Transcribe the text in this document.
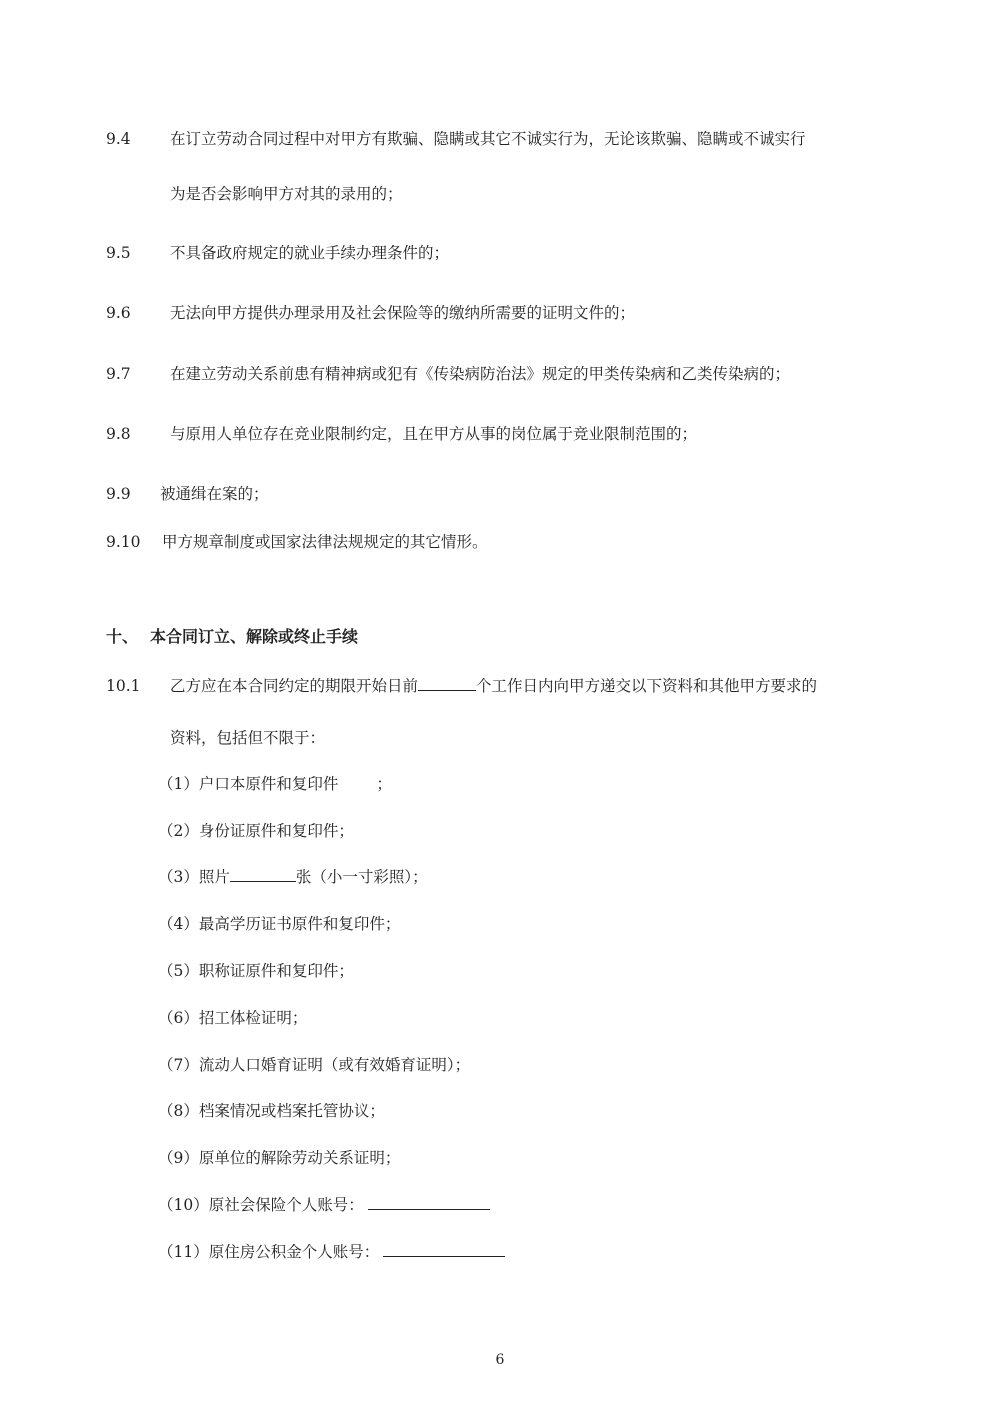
9.4	在订立劳动合同过程中对甲方有欺骗、隐瞒或其它不诚实行为，无论该欺骗、隐瞒或不诚实行
为是否会影响甲方对其的录用的；
9.5	不具备政府规定的就业手续办理条件的；
9.6	无法向甲方提供办理录用及社会保险等的缴纳所需要的证明文件的；
9.7	在建立劳动关系前患有精神病或犯有《传染病防治法》规定的甲类传染病和乙类传染病的；
9.8	与原用人单位存在竞业限制约定，且在甲方从事的岗位属于竞业限制范围的；
9.9 被通缉在案的；
9.10 甲方规章制度或国家法律法规规定的其它情形。
十、 本合同订立、解除或终止手续
10.1 乙方应在本合同约定的期限开始日前	个工作日内向甲方递交以下资料和其他甲方要求的
资料，包括但不限于：
（1）户口本原件和复印件 ；
（2）身份证原件和复印件；
（3）照片	张（小一寸彩照）；
（4）最高学历证书原件和复印件；
（5）职称证原件和复印件；
（6）招工体检证明；
（7）流动人口婚育证明（或有效婚育证明）；
（8）档案情况或档案托管协议；
（9）原单位的解除劳动关系证明；
（10）原社会保险个人账号：
（11）原住房公积金个人账号：
6
